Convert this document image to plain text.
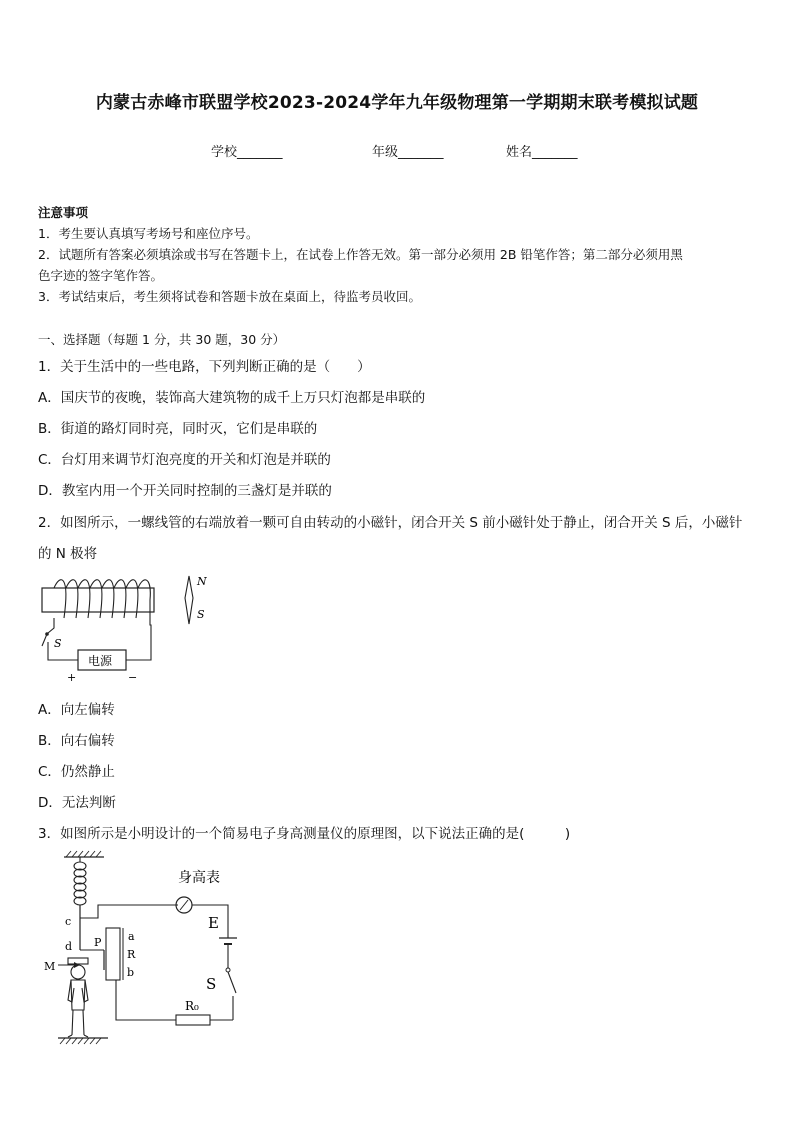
内蒙古赤峰市联盟学校2023-2024学年九年级物理第一学期期末联考模拟试题
学校_______	年级_______	姓名_______
注意事项
1．考生要认真填写考场号和座位序号。
2．试题所有答案必须填涂或书写在答题卡上，在试卷上作答无效。第一部分必须用 2B 铅笔作答；第二部分必须用黑
色字迹的签字笔作答。
3．考试结束后，考生须将试卷和答题卡放在桌面上，待监考员收回。
一、选择题（每题 1 分，共 30 题，30 分）
1．关于生活中的一些电路，下列判断正确的是（　　）
A．国庆节的夜晚，装饰高大建筑物的成千上万只灯泡都是串联的
B．街道的路灯同时亮，同时灭，它们是串联的
C．台灯用来调节灯泡亮度的开关和灯泡是并联的
D．教室内用一个开关同时控制的三盏灯是并联的
2．如图所示，一螺线管的右端放着一颗可自由转动的小磁针，闭合开关 S 前小磁针处于静止，闭合开关 S 后，小磁针
的 N 极将
电源
S
+	−
N
S
A．向左偏转
B．向右偏转
C．仍然静止
D．无法判断
3．如图所示是小明设计的一个简易电子身高测量仪的原理图，以下说法正确的是(　　　)
c
d
M
身高表
E
S
R₀
P a
R
b
